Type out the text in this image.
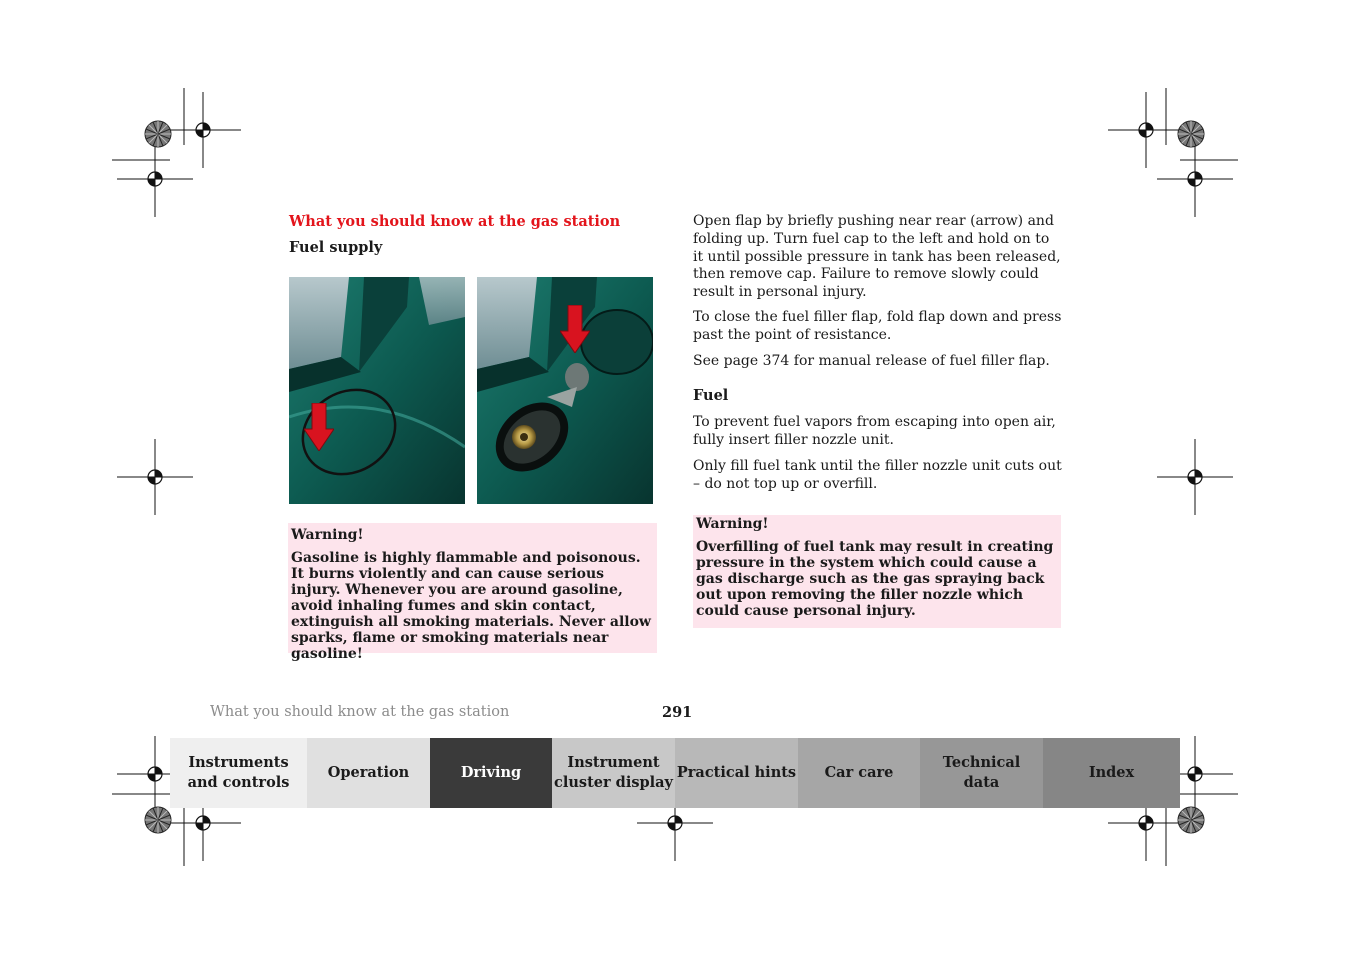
What you should know at the gas station
Fuel supply
Warning!
Gasoline is highly flammable and poisonous. It burns violently and can cause serious injury. Whenever you are around gasoline, avoid inhaling fumes and skin contact, extinguish all smoking materials. Never allow sparks, flame or smoking materials near gasoline!
Open flap by briefly pushing near rear (arrow) and folding up. Turn fuel cap to the left and hold on to it until possible pressure in tank has been released, then remove cap. Failure to remove slowly could result in personal injury.
To close the fuel filler flap, fold flap down and press past the point of resistance.
See page 374 for manual release of fuel filler flap.
Fuel
To prevent fuel vapors from escaping into open air, fully insert filler nozzle unit.
Only fill fuel tank until the filler nozzle unit cuts out
– do not top up or overfill.
Warning!
Overfilling of fuel tank may result in creating pressure in the system which could cause a gas discharge such as the gas spraying back out upon removing the filler nozzle which could cause personal injury.
What you should know at the gas station	291
Instruments
and controls
Operation	Driving
Instrument
cluster display
Practical hints Car care
Technical
data
Index
